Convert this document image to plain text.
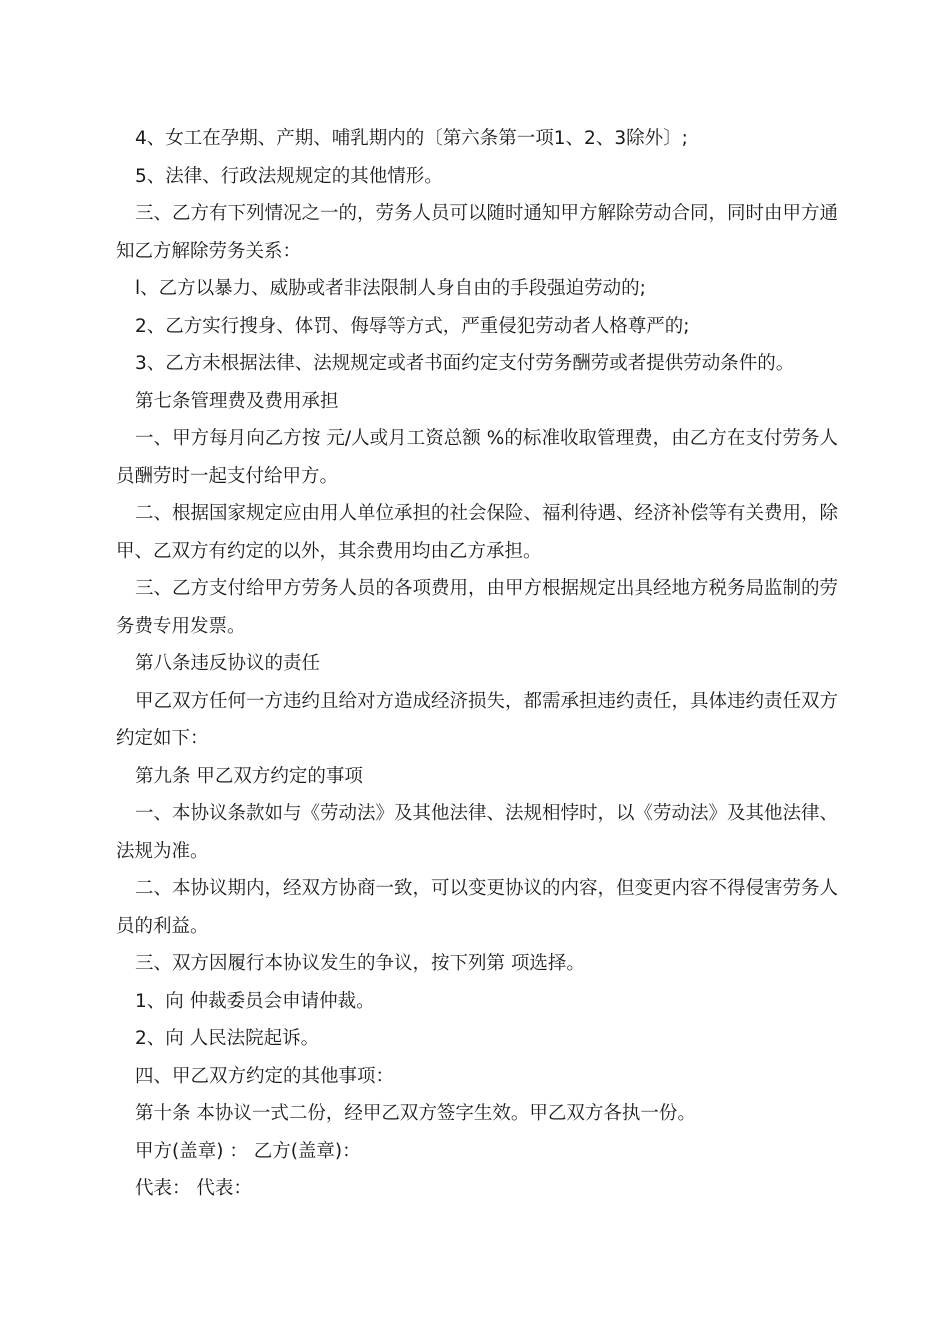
4、女工在孕期、产期、哺乳期内的〔第六条第一项1、2、3除外〕;

5、法律、行政法规规定的其他情形。

三、乙方有下列情况之一的，劳务人员可以随时通知甲方解除劳动合同，同时由甲方通知乙方解除劳务关系：

l、乙方以暴力、威胁或者非法限制人身自由的手段强迫劳动的;

2、乙方实行搜身、体罚、侮辱等方式，严重侵犯劳动者人格尊严的;

3、乙方未根据法律、法规规定或者书面约定支付劳务酬劳或者提供劳动条件的。

第七条管理费及费用承担

一、甲方每月向乙方按 元/人或月工资总额 %的标准收取管理费，由乙方在支付劳务人员酬劳时一起支付给甲方。

二、根据国家规定应由用人单位承担的社会保险、福利待遇、经济补偿等有关费用，除甲、乙双方有约定的以外，其余费用均由乙方承担。

三、乙方支付给甲方劳务人员的各项费用，由甲方根据规定出具经地方税务局监制的劳务费专用发票。

第八条违反协议的责任

甲乙双方任何一方违约且给对方造成经济损失，都需承担违约责任，具体违约责任双方约定如下：

第九条 甲乙双方约定的事项

一、本协议条款如与《劳动法》及其他法律、法规相悖时，以《劳动法》及其他法律、法规为准。

二、本协议期内，经双方协商一致，可以变更协议的内容，但变更内容不得侵害劳务人员的利益。

三、双方因履行本协议发生的争议，按下列第 项选择。

1、向 仲裁委员会申请仲裁。

2、向 人民法院起诉。

四、甲乙双方约定的其他事项：

第十条 本协议一式二份，经甲乙双方签字生效。甲乙双方各执一份。

甲方(盖章) ： 乙方(盖章)：

代表： 代表：
